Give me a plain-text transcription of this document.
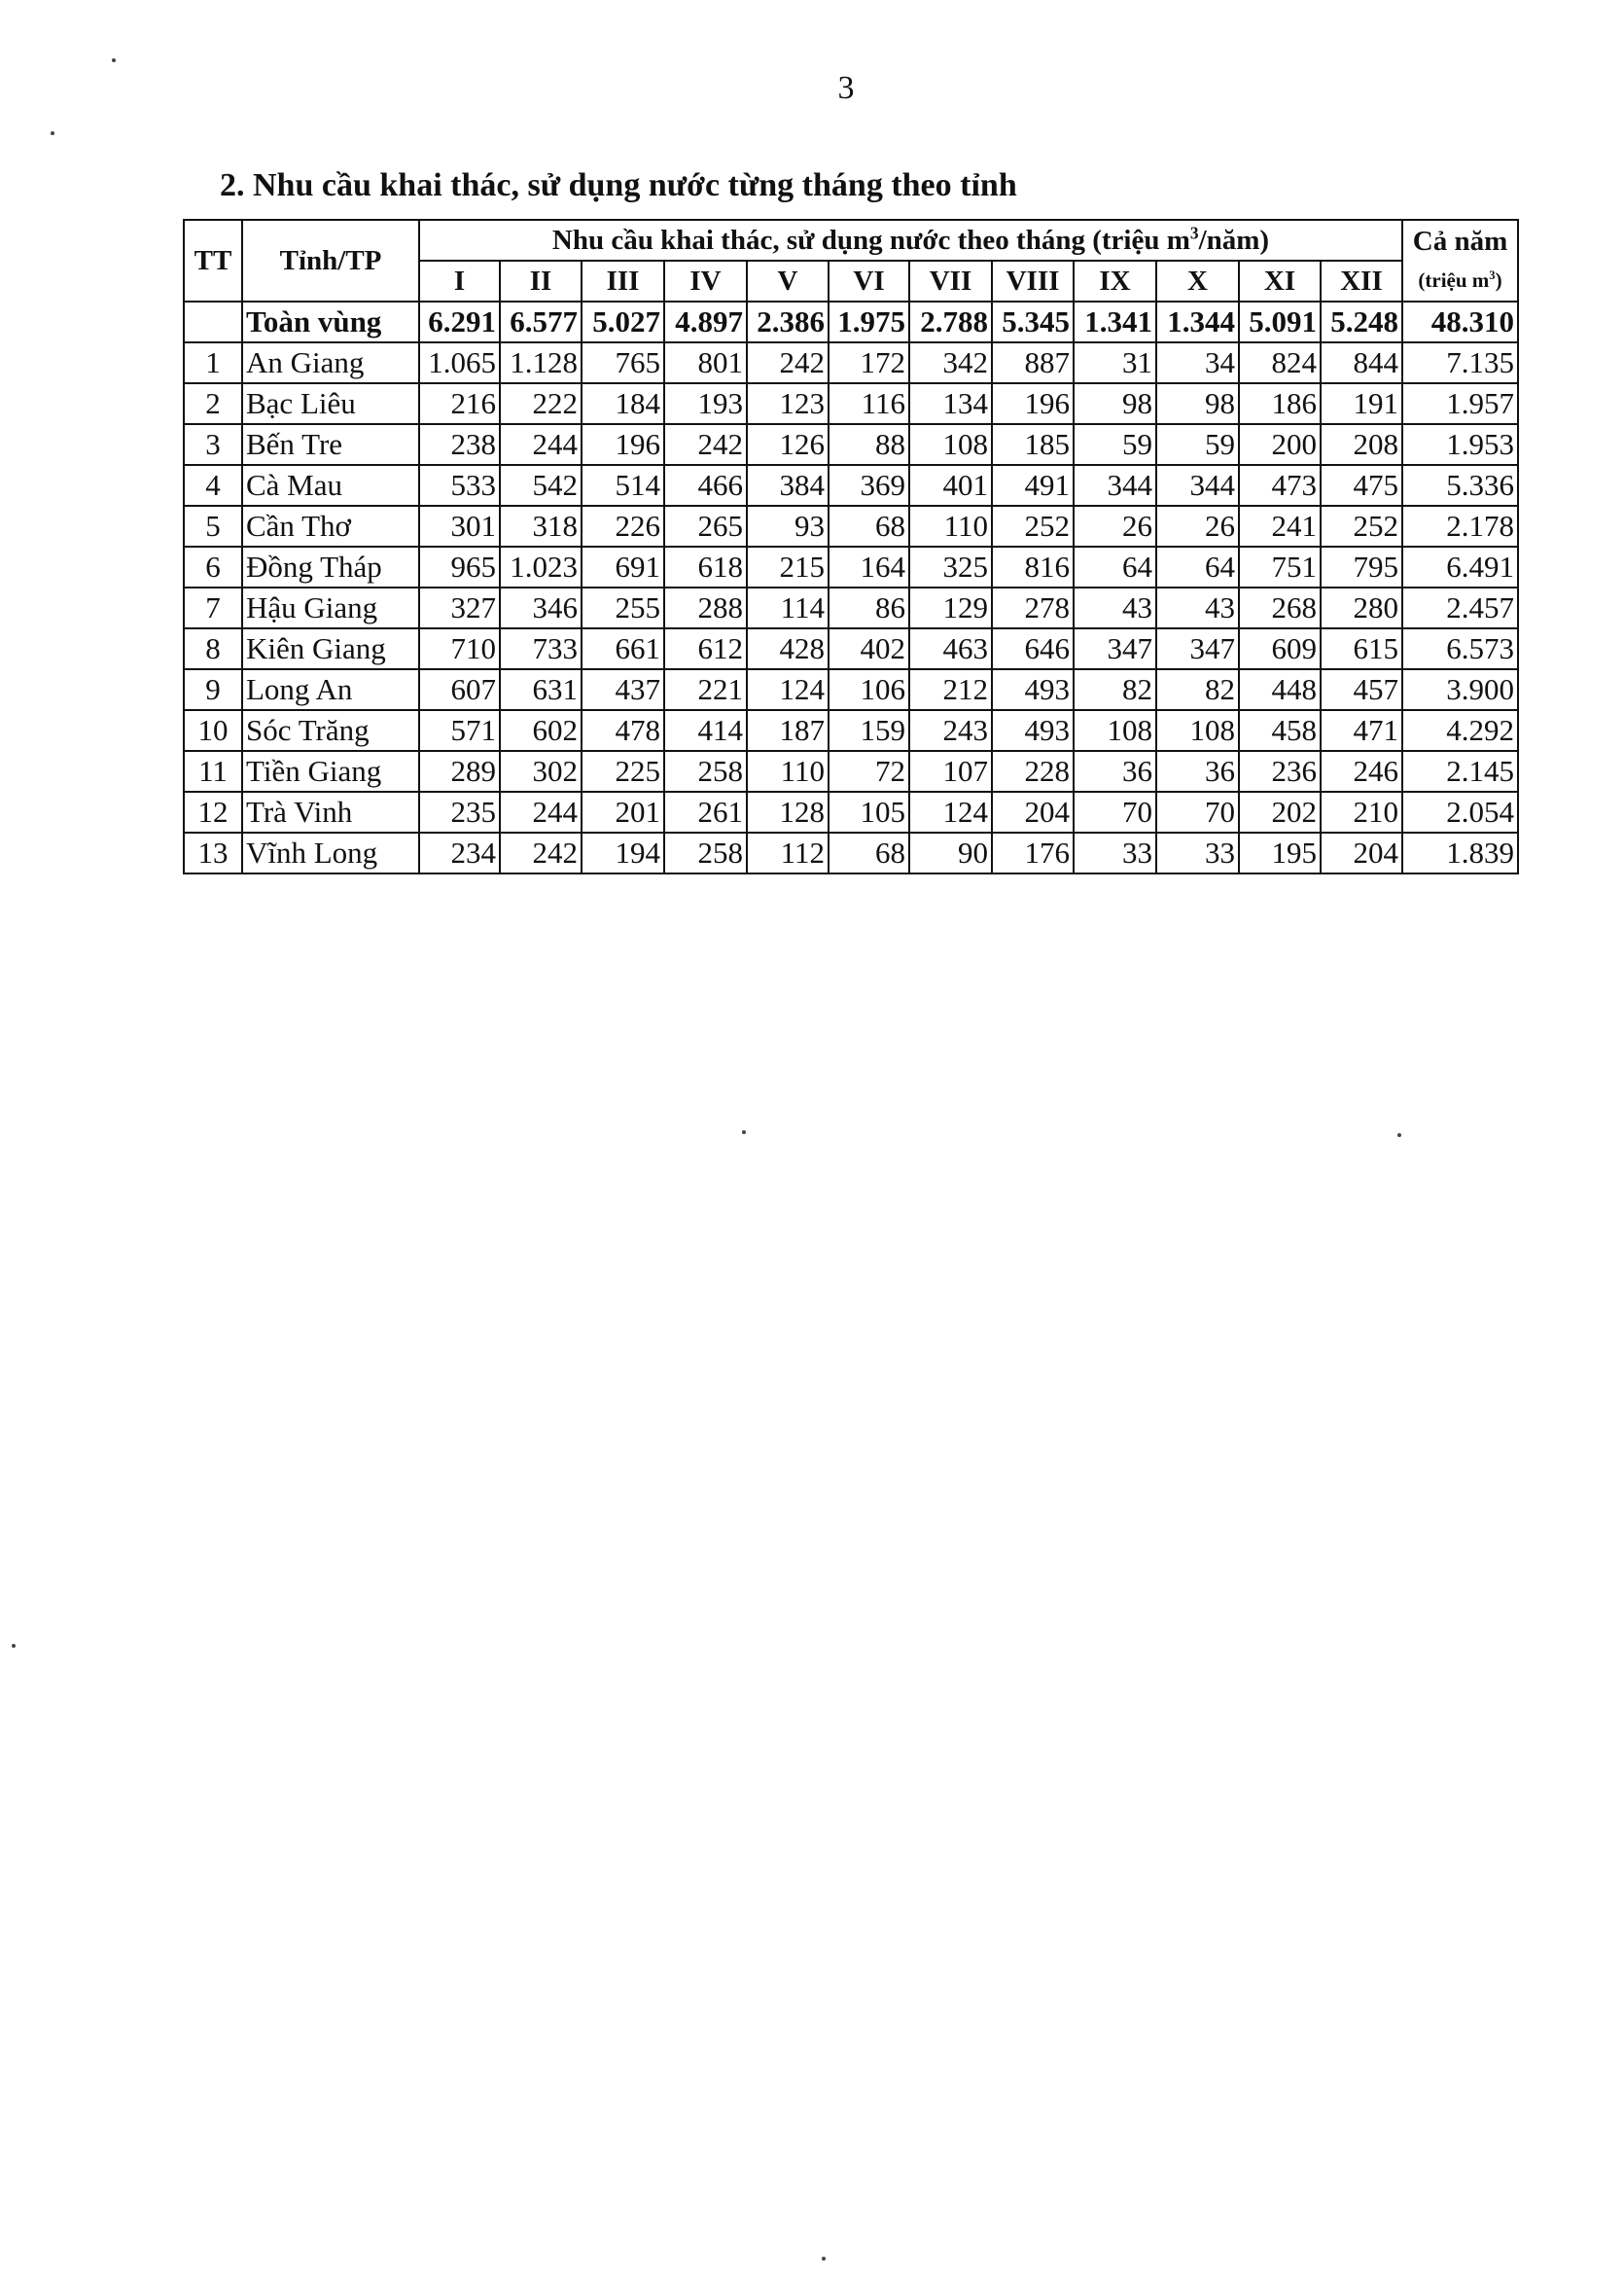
3
2. Nhu cầu khai thác, sử dụng nước từng tháng theo tỉnh
TT	Tỉnh/TP	Nhu cầu khai thác, sử dụng nước theo tháng (triệu $m^3/năm$)												Cả năm
(triệu $m^3$)

		I	II	III	IV	V	VI	VII	VIII	IX	X	XI	XII	
	Toàn vùng	6.291	6.577	5.027	4.897	2.386	1.975	2.788	5.345	1.341	1.344	5.091	5.248	48.310
1	An Giang	1.065	1.128	765	801	242	172	342	887	31	34	824	844	7.135
2	Bạc Liêu	216	222	184	193	123	116	134	196	98	98	186	191	1.957
3	Bến Tre	238	244	196	242	126	88	108	185	59	59	200	208	1.953
4	Cà Mau	533	542	514	466	384	369	401	491	344	344	473	475	5.336
5	Cần Thơ	301	318	226	265	93	68	110	252	26	26	241	252	2.178
6	Đồng Tháp	965	1.023	691	618	215	164	325	816	64	64	751	795	6.491
7	Hậu Giang	327	346	255	288	114	86	129	278	43	43	268	280	2.457
8	Kiên Giang	710	733	661	612	428	402	463	646	347	347	609	615	6.573
9	Long An	607	631	437	221	124	106	212	493	82	82	448	457	3.900
10	Sóc Trăng	571	602	478	414	187	159	243	493	108	108	458	471	4.292
11	Tiền Giang	289	302	225	258	110	72	107	228	36	36	236	246	2.145
12	Trà Vinh	235	244	201	261	128	105	124	204	70	70	202	210	2.054
13	Vĩnh Long	234	242	194	258	112	68	90	176	33	33	195	204	1.839
